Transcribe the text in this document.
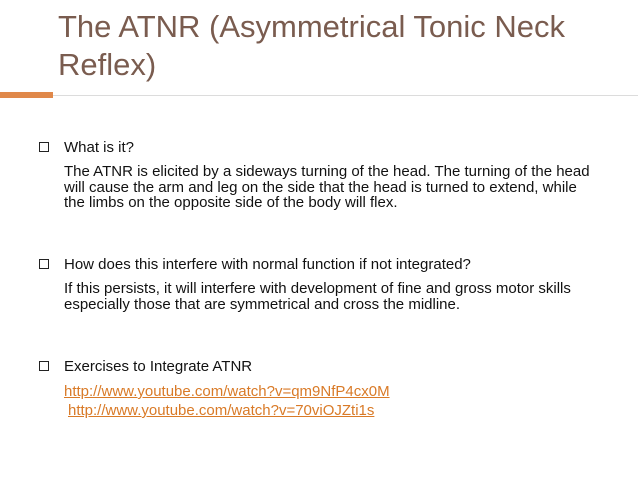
The ATNR (Asymmetrical Tonic Neck Reflex)
What is it?
The ATNR is elicited by a sideways turning of the head. The turning of the head will cause the arm and leg on the side that the head is turned to extend, while the limbs on the opposite side of the body will flex.
How does this interfere with normal function if not integrated?
If this persists, it will interfere with development of fine and gross motor skills especially those that are symmetrical and cross the midline.
Exercises to Integrate ATNR
http://www.youtube.com/watch?v=qm9NfP4cx0M
http://www.youtube.com/watch?v=70viOJZti1s
